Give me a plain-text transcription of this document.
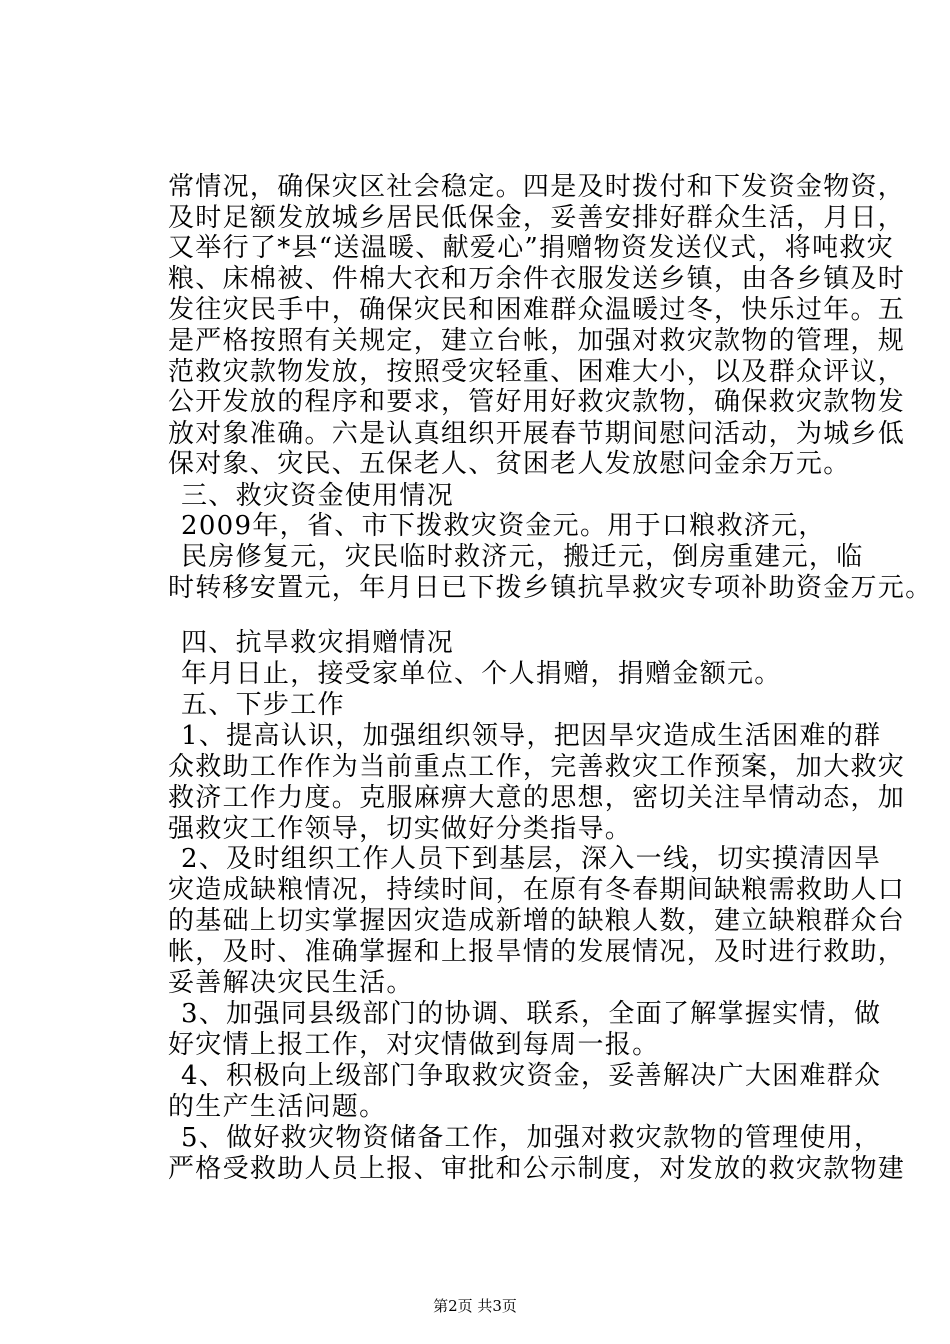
常情况，确保灾区社会稳定。四是及时拨付和下发资金物资，
及时足额发放城乡居民低保金，妥善安排好群众生活，月日，
又举行了*县“送温暖、献爱心”捐赠物资发送仪式，将吨救灾
粮、床棉被、件棉大衣和万余件衣服发送乡镇，由各乡镇及时
发往灾民手中，确保灾民和困难群众温暖过冬，快乐过年。五
是严格按照有关规定，建立台帐，加强对救灾款物的管理，规
范救灾款物发放，按照受灾轻重、困难大小，以及群众评议，
公开发放的程序和要求，管好用好救灾款物，确保救灾款物发
放对象准确。六是认真组织开展春节期间慰问活动，为城乡低
保对象、灾民、五保老人、贫困老人发放慰问金余万元。
三、救灾资金使用情况
2009年，省、市下拨救灾资金元。用于口粮救济元，
民房修复元，灾民临时救济元，搬迁元，倒房重建元，临
时转移安置元，年月日已下拨乡镇抗旱救灾专项补助资金万元。
四、抗旱救灾捐赠情况
年月日止，接受家单位、个人捐赠，捐赠金额元。
五、下步工作
1、提高认识，加强组织领导，把因旱灾造成生活困难的群
众救助工作作为当前重点工作，完善救灾工作预案，加大救灾
救济工作力度。克服麻痹大意的思想，密切关注旱情动态，加
强救灾工作领导，切实做好分类指导。
2、及时组织工作人员下到基层，深入一线，切实摸清因旱
灾造成缺粮情况，持续时间，在原有冬春期间缺粮需救助人口
的基础上切实掌握因灾造成新增的缺粮人数，建立缺粮群众台
帐，及时、准确掌握和上报旱情的发展情况，及时进行救助，
妥善解决灾民生活。
3、加强同县级部门的协调、联系，全面了解掌握实情，做
好灾情上报工作，对灾情做到每周一报。
4、积极向上级部门争取救灾资金，妥善解决广大困难群众
的生产生活问题。
5、做好救灾物资储备工作，加强对救灾款物的管理使用，
严格受救助人员上报、审批和公示制度，对发放的救灾款物建
第2页 共3页
